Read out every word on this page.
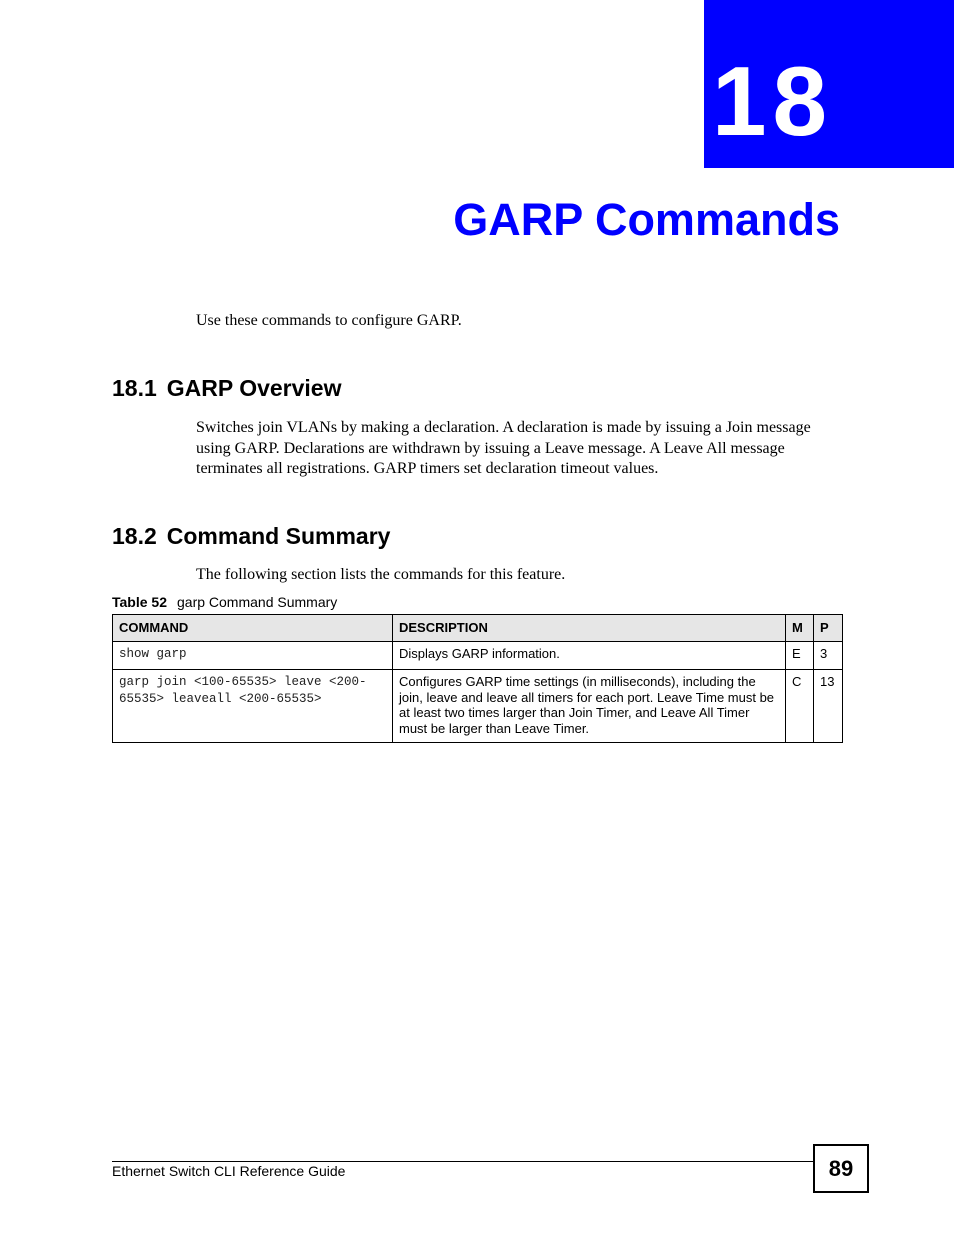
18
GARP Commands
Use these commands to configure GARP.
18.1 GARP Overview
Switches join VLANs by making a declaration. A declaration is made by issuing a Join message using GARP. Declarations are withdrawn by issuing a Leave message. A Leave All message terminates all registrations. GARP timers set declaration timeout values.
18.2 Command Summary
The following section lists the commands for this feature.
Table 52 garp Command Summary
COMMAND	DESCRIPTION	M	P
show garp	Displays GARP information.	E	3
garp join <100-65535> leave <200-65535> leaveall <200-65535>	Configures GARP time settings (in milliseconds), including the join, leave and leave all timers for each port. Leave Time must be at least two times larger than Join Timer, and Leave All Timer must be larger than Leave Timer.	C	13
Ethernet Switch CLI Reference Guide	89
